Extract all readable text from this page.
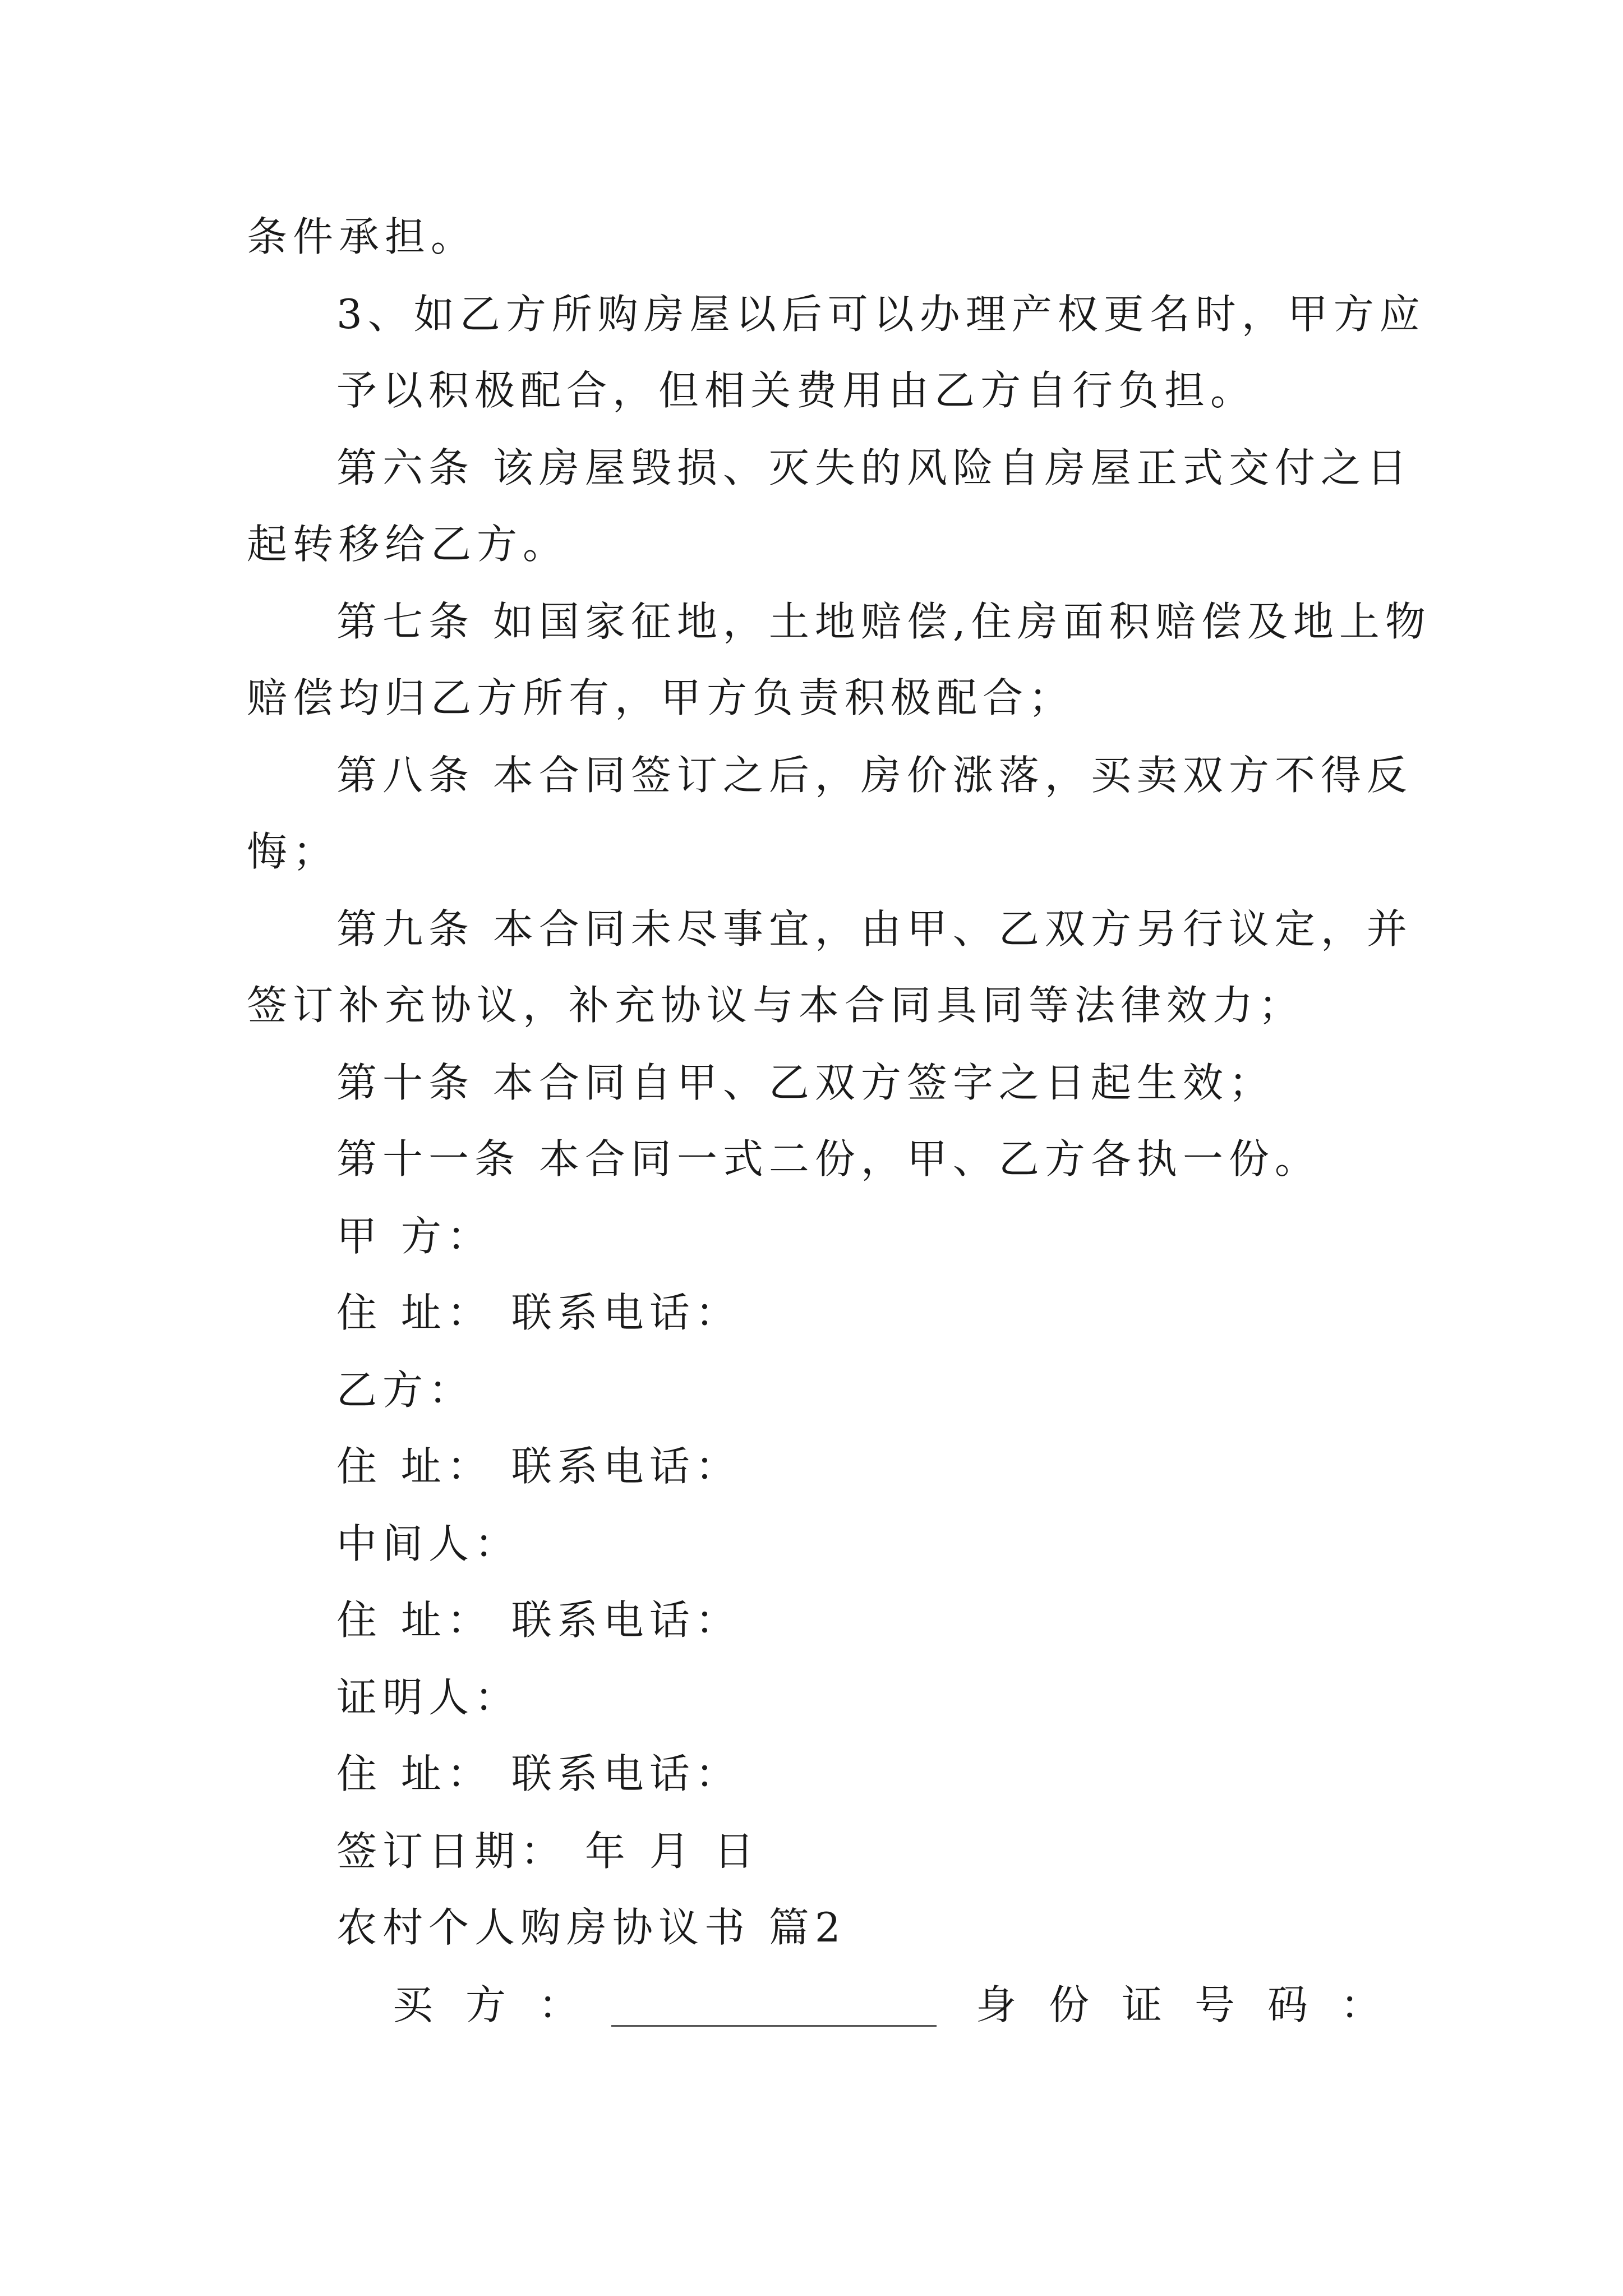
条件承担。
3、如乙方所购房屋以后可以办理产权更名时，甲方应
予以积极配合，但相关费用由乙方自行负担。
第六条 该房屋毁损、灭失的风险自房屋正式交付之日
起转移给乙方。
第七条 如国家征地，土地赔偿,住房面积赔偿及地上物
赔偿均归乙方所有，甲方负责积极配合；
第八条 本合同签订之后，房价涨落，买卖双方不得反
悔；
第九条 本合同未尽事宜，由甲、乙双方另行议定，并
签订补充协议，补充协议与本合同具同等法律效力；
第十条 本合同自甲、乙双方签字之日起生效；
第十一条 本合同一式二份，甲、乙方各执一份。
甲 方：
住 址： 联系电话：
乙方：
住 址： 联系电话：
中间人：
住 址： 联系电话：
证明人：
住 址： 联系电话：
签订日期： 年 月 日
农村个人购房协议书 篇2
买方：	身份证号码：
